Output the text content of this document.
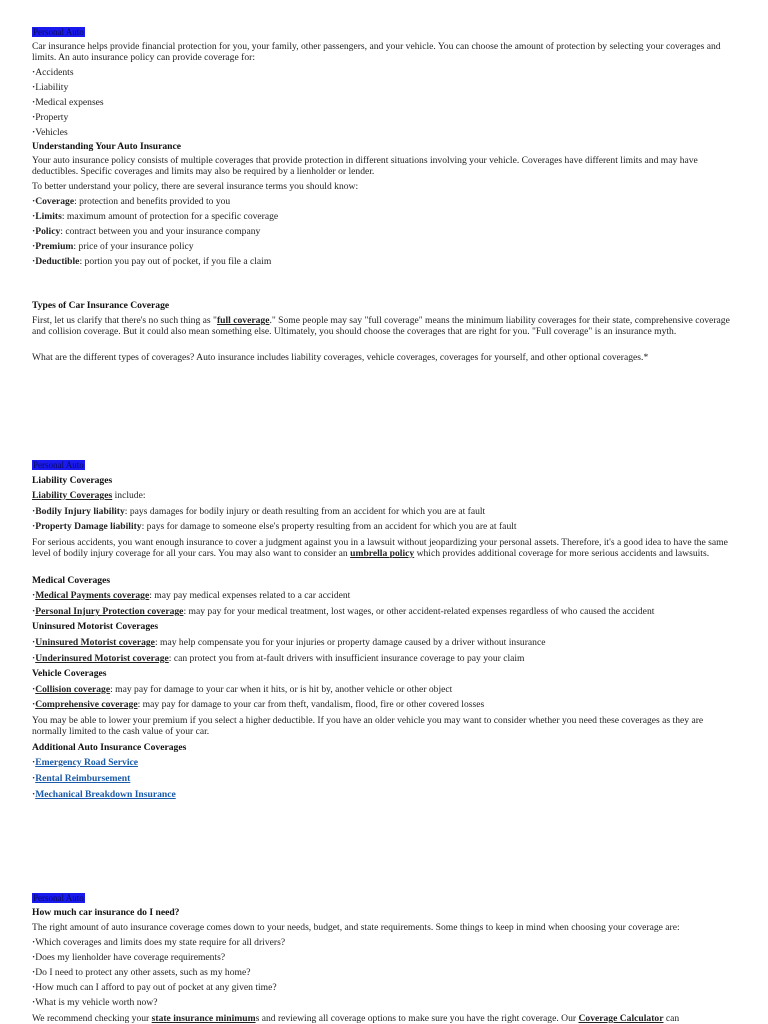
Personal Auto
Car insurance helps provide financial protection for you, your family, other passengers, and your vehicle. You can choose the amount of protection by selecting your coverages and limits. An auto insurance policy can provide coverage for:
·Accidents
·Liability
·Medical expenses
·Property
·Vehicles
Understanding Your Auto Insurance
Your auto insurance policy consists of multiple coverages that provide protection in different situations involving your vehicle. Coverages have different limits and may have deductibles. Specific coverages and limits may also be required by a lienholder or lender.
To better understand your policy, there are several insurance terms you should know:
·Coverage: protection and benefits provided to you
·Limits: maximum amount of protection for a specific coverage
·Policy: contract between you and your insurance company
·Premium: price of your insurance policy
·Deductible: portion you pay out of pocket, if you file a claim
Types of Car Insurance Coverage
First, let us clarify that there's no such thing as "full coverage." Some people may say "full coverage" means the minimum liability coverages for their state, comprehensive coverage and collision coverage. But it could also mean something else. Ultimately, you should choose the coverages that are right for you. "Full coverage" is an insurance myth.
What are the different types of coverages? Auto insurance includes liability coverages, vehicle coverages, coverages for yourself, and other optional coverages.*
Personal Auto
Liability Coverages
Liability Coverages include:
·Bodily Injury liability: pays damages for bodily injury or death resulting from an accident for which you are at fault
·Property Damage liability: pays for damage to someone else's property resulting from an accident for which you are at fault
For serious accidents, you want enough insurance to cover a judgment against you in a lawsuit without jeopardizing your personal assets. Therefore, it's a good idea to have the same level of bodily injury coverage for all your cars. You may also want to consider an umbrella policy which provides additional coverage for more serious accidents and lawsuits.
Medical Coverages
·Medical Payments coverage: may pay medical expenses related to a car accident
·Personal Injury Protection coverage: may pay for your medical treatment, lost wages, or other accident-related expenses regardless of who caused the accident
Uninsured Motorist Coverages
·Uninsured Motorist coverage: may help compensate you for your injuries or property damage caused by a driver without insurance
·Underinsured Motorist coverage: can protect you from at-fault drivers with insufficient insurance coverage to pay your claim
Vehicle Coverages
·Collision coverage: may pay for damage to your car when it hits, or is hit by, another vehicle or other object
·Comprehensive coverage: may pay for damage to your car from theft, vandalism, flood, fire or other covered losses
You may be able to lower your premium if you select a higher deductible. If you have an older vehicle you may want to consider whether you need these coverages as they are normally limited to the cash value of your car.
Additional Auto Insurance Coverages
·Emergency Road Service
·Rental Reimbursement
·Mechanical Breakdown Insurance
Personal Auto
How much car insurance do I need?
The right amount of auto insurance coverage comes down to your needs, budget, and state requirements. Some things to keep in mind when choosing your coverage are:
·Which coverages and limits does my state require for all drivers?
·Does my lienholder have coverage requirements?
·Do I need to protect any other assets, such as my home?
·How much can I afford to pay out of pocket at any given time?
·What is my vehicle worth now?
We recommend checking your state insurance minimums and reviewing all coverage options to make sure you have the right coverage. Our Coverage Calculator can
